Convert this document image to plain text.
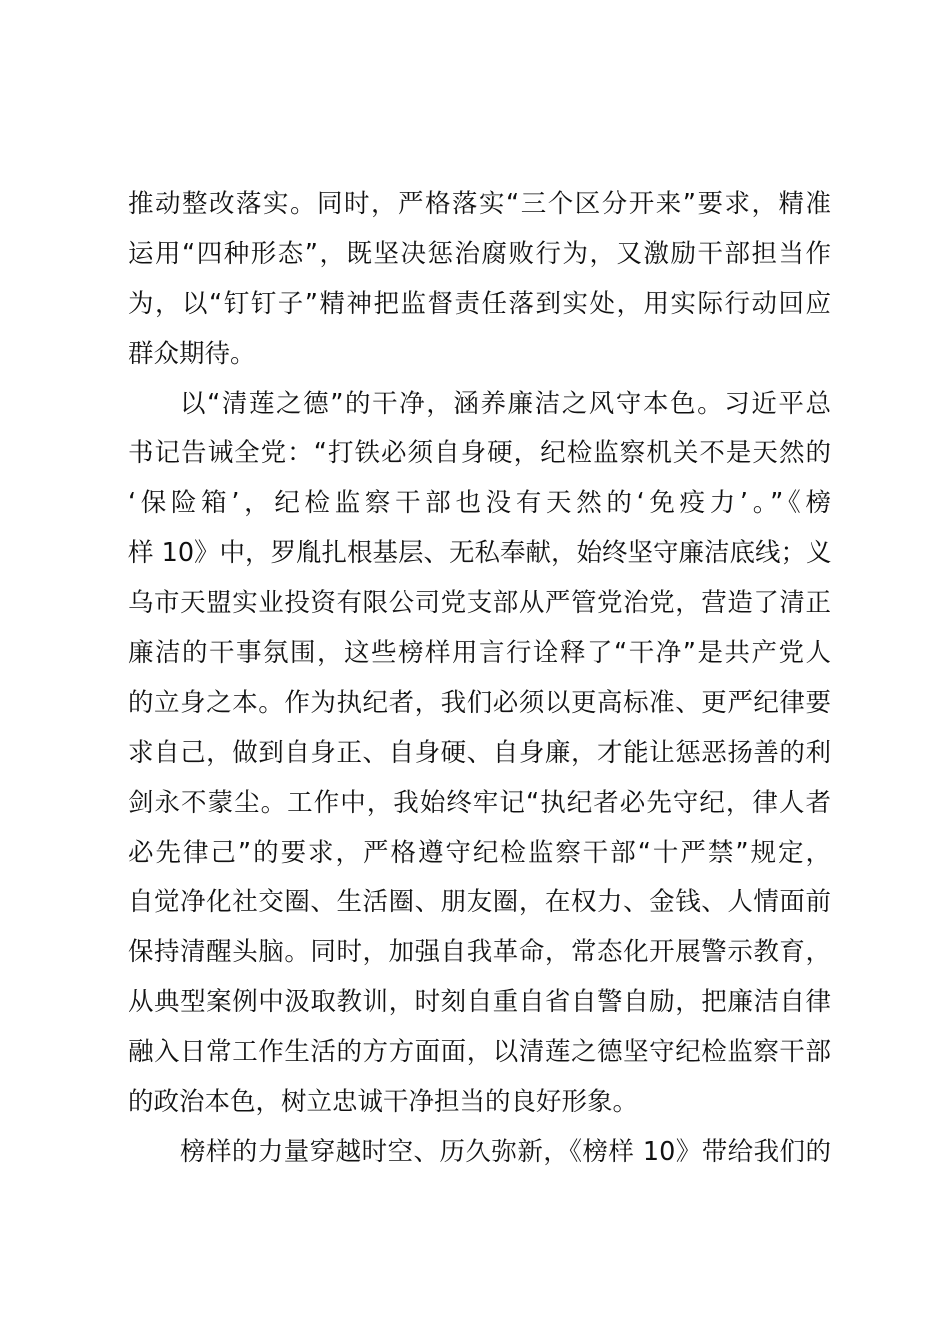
推动整改落实。同时，严格落实“三个区分开来”要求，精准
运用“四种形态”，既坚决惩治腐败行为，又激励干部担当作
为，以“钉钉子”精神把监督责任落到实处，用实际行动回应
群众期待。
以“清莲之德”的干净，涵养廉洁之风守本色。习近平总
书记告诫全党：“打铁必须自身硬，纪检监察机关不是天然的
‘保险箱’，纪检监察干部也没有天然的‘免疫力’。”《榜
样 10》中，罗胤扎根基层、无私奉献，始终坚守廉洁底线；义
乌市天盟实业投资有限公司党支部从严管党治党，营造了清正
廉洁的干事氛围，这些榜样用言行诠释了“干净”是共产党人
的立身之本。作为执纪者，我们必须以更高标准、更严纪律要
求自己，做到自身正、自身硬、自身廉，才能让惩恶扬善的利
剑永不蒙尘。工作中，我始终牢记“执纪者必先守纪，律人者
必先律己”的要求，严格遵守纪检监察干部“十严禁”规定，
自觉净化社交圈、生活圈、朋友圈，在权力、金钱、人情面前
保持清醒头脑。同时，加强自我革命，常态化开展警示教育，
从典型案例中汲取教训，时刻自重自省自警自励，把廉洁自律
融入日常工作生活的方方面面，以清莲之德坚守纪检监察干部
的政治本色，树立忠诚干净担当的良好形象。
榜样的力量穿越时空、历久弥新，《榜样 10》带给我们的
